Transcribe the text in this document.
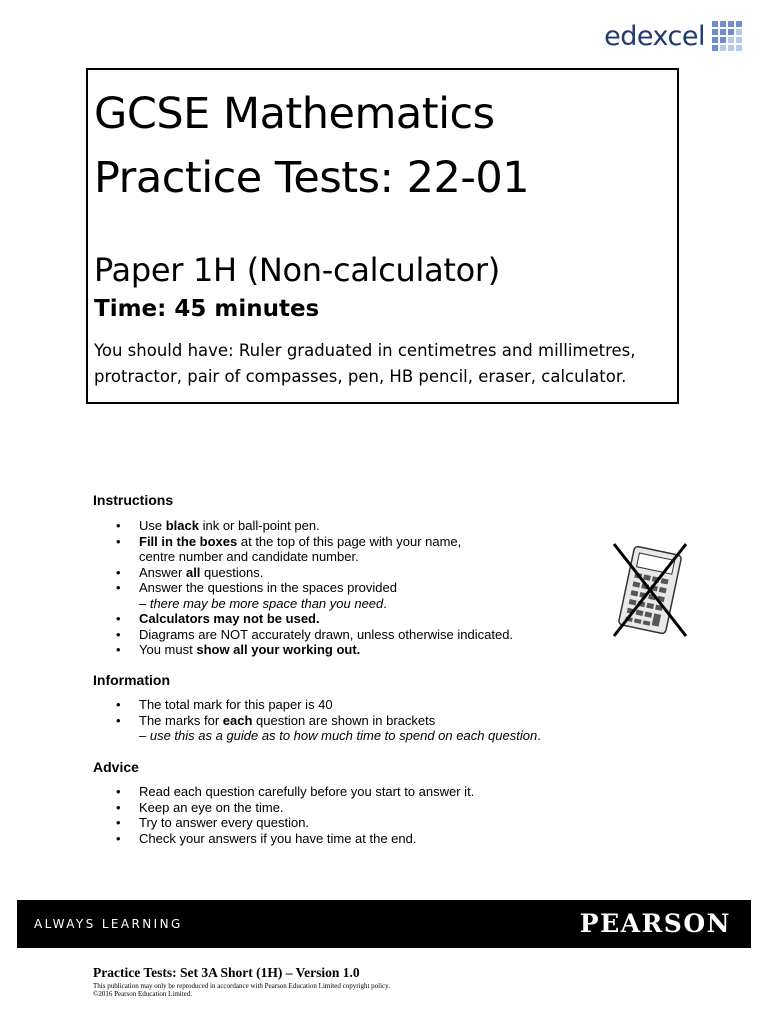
edexcel
GCSE Mathematics
Practice Tests: 22-01
Paper 1H (Non-calculator)
Time: 45 minutes
You should have: Ruler graduated in centimetres and millimetres,
protractor, pair of compasses, pen, HB pencil, eraser, calculator.
Instructions
• Use black ink or ball-point pen.
• Fill in the boxes at the top of this page with your name,
centre number and candidate number.
• Answer all questions.
• Answer the questions in the spaces provided
– there may be more space than you need.
• Calculators may not be used.
• Diagrams are NOT accurately drawn, unless otherwise indicated.
• You must show all your working out.
Information
• The total mark for this paper is 40
• The marks for each question are shown in brackets
– use this as a guide as to how much time to spend on each question.
Advice
• Read each question carefully before you start to answer it.
• Keep an eye on the time.
• Try to answer every question.
• Check your answers if you have time at the end.
ALWAYS LEARNING	PEARSON
Practice Tests: Set 3A Short (1H) – Version 1.0
This publication may only be reproduced in accordance with Pearson Education Limited copyright policy.
©2016 Pearson Education Limited.
